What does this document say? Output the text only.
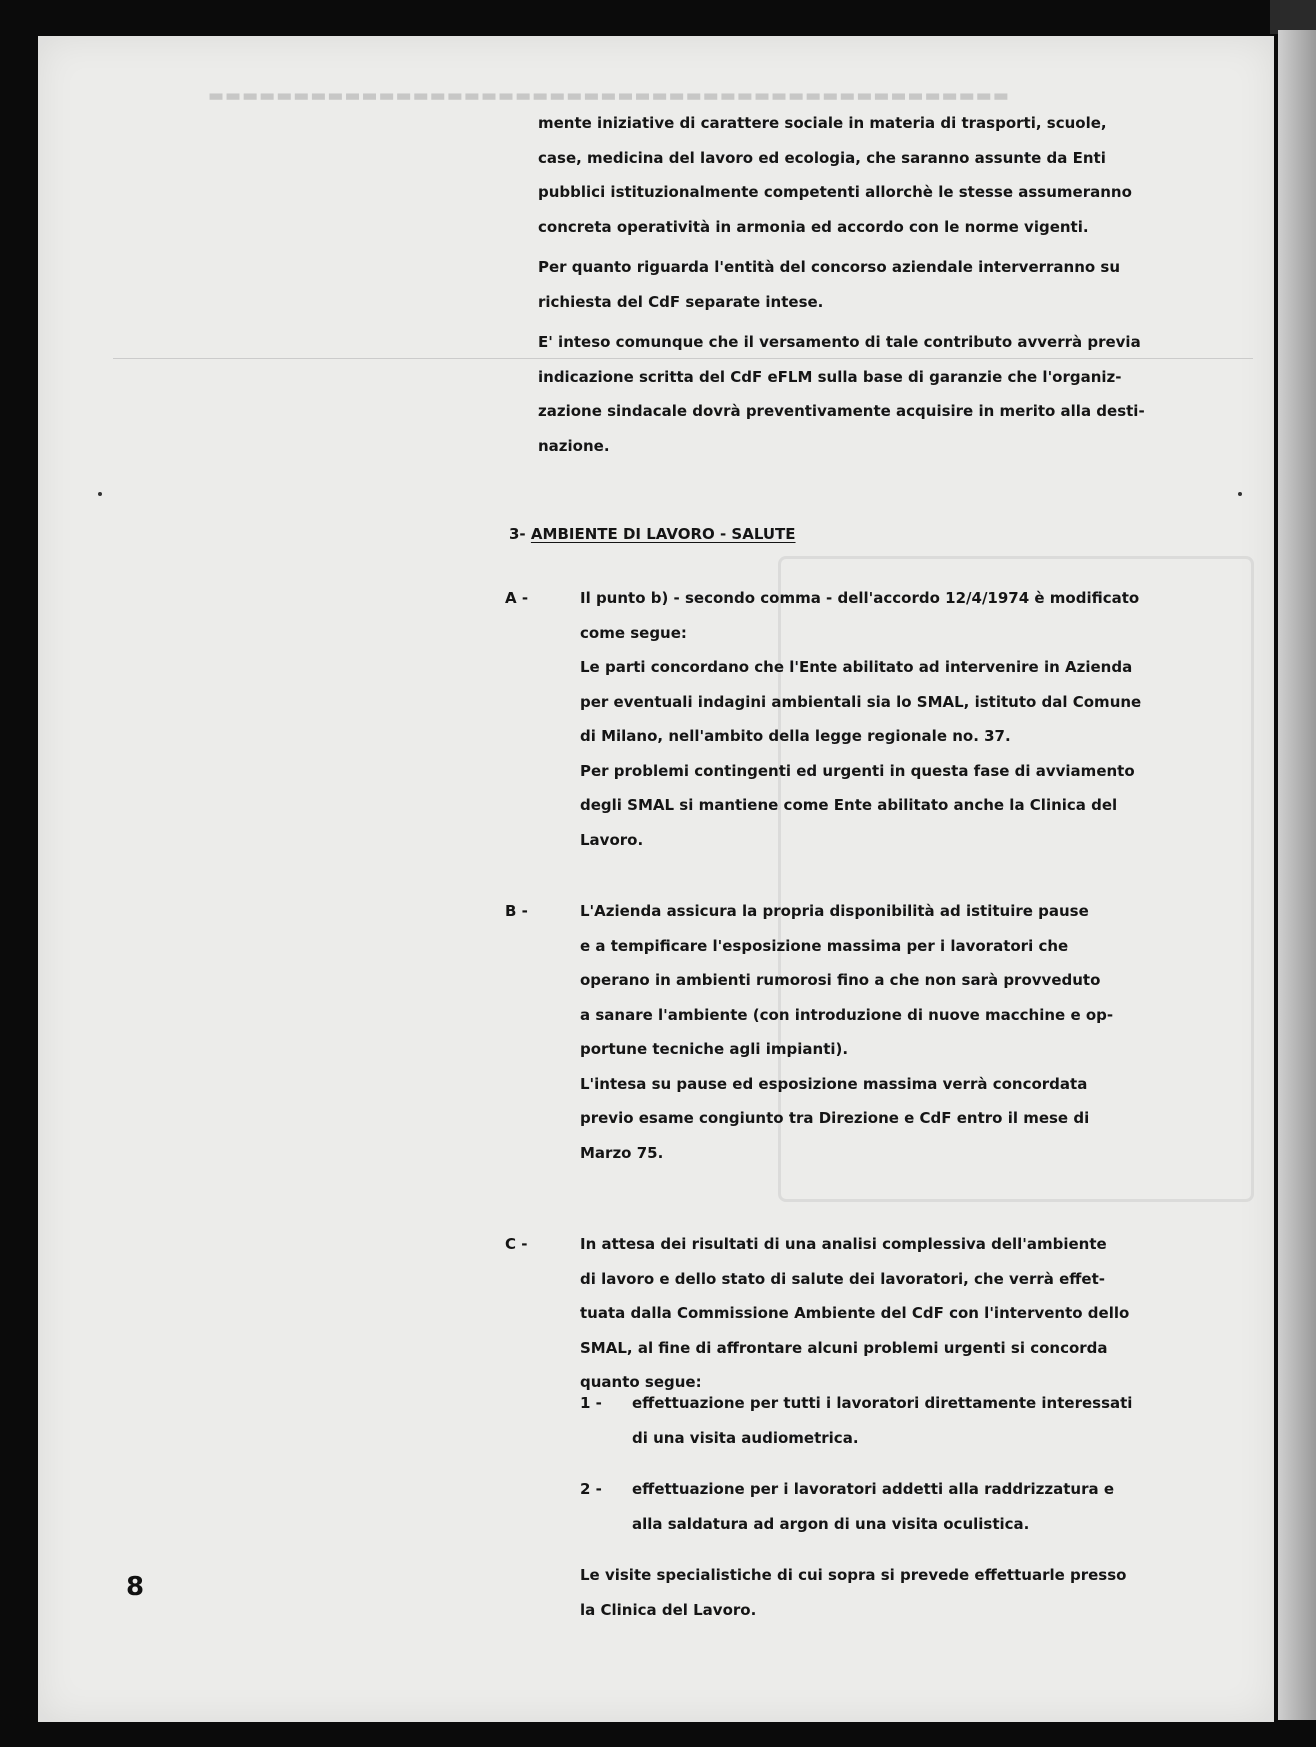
▬▬▬▬▬▬▬▬▬▬▬▬▬▬▬▬▬▬▬▬▬▬▬▬▬▬▬▬▬▬▬▬▬▬▬▬▬▬▬▬▬▬▬▬▬▬▬
mente iniziative di carattere sociale in materia di trasporti, scuole,
case, medicina del lavoro ed ecologia, che saranno assunte da Enti
pubblici istituzionalmente competenti allorchè le stesse assumeranno
concreta operatività in armonia ed accordo con le norme vigenti.
Per quanto riguarda l'entità del concorso aziendale interverranno su
richiesta del CdF separate intese.
E' inteso comunque che il versamento di tale contributo avverrà previa
indicazione scritta del CdF eFLM sulla base di garanzie che l'organiz-
zazione sindacale dovrà preventivamente acquisire in merito alla desti-
nazione.
3- AMBIENTE DI LAVORO - SALUTE
A -	Il punto b) - secondo comma - dell'accordo 12/4/1974 è modificato
come segue:
Le parti concordano che l'Ente abilitato ad intervenire in Azienda
per eventuali indagini ambientali sia lo SMAL, istituto dal Comune
di Milano, nell'ambito della legge regionale no. 37.
Per problemi contingenti ed urgenti in questa fase di avviamento
degli SMAL si mantiene come Ente abilitato anche la Clinica del
Lavoro.
B -	L'Azienda assicura la propria disponibilità ad istituire pause
e a tempificare l'esposizione massima per i lavoratori che
operano in ambienti rumorosi fino a che non sarà provveduto
a sanare l'ambiente (con introduzione di nuove macchine e op-
portune tecniche agli impianti).
L'intesa su pause ed esposizione massima verrà concordata
previo esame congiunto tra Direzione e CdF entro il mese di
Marzo 75.
C -	In attesa dei risultati di una analisi complessiva dell'ambiente
di lavoro e dello stato di salute dei lavoratori, che verrà effet-
tuata dalla Commissione Ambiente del CdF con l'intervento dello
SMAL, al fine di affrontare alcuni problemi urgenti si concorda
quanto segue:
1 -	effettuazione per tutti i lavoratori direttamente interessati
di una visita audiometrica.
2 -	effettuazione per i lavoratori addetti alla raddrizzatura e
alla saldatura ad argon di una visita oculistica.
Le visite specialistiche di cui sopra si prevede effettuarle presso
la Clinica del Lavoro.
8
